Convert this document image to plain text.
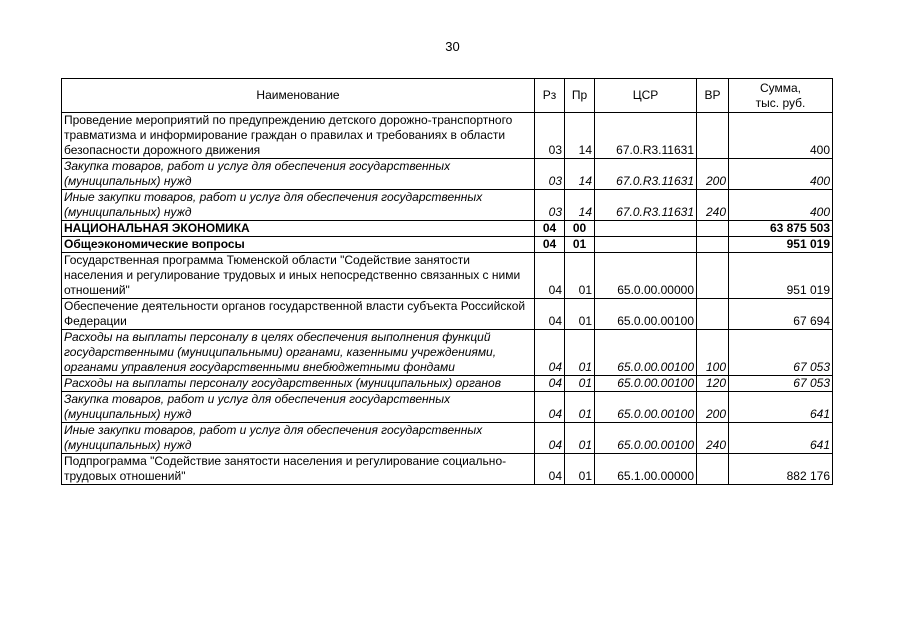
30
Наименование	Рз	Пр	ЦСР	ВР	Сумма,
тыс. руб.

Проведение мероприятий по предупреждению детского дорожно-транспортного травматизма и информирование граждан о правилах и требованиях в области безопасности дорожного движения	03	14	67.0.R3.11631		400
Закупка товаров, работ и услуг для обеспечения государственных (муниципальных) нужд	03	14	67.0.R3.11631	200	400
Иные закупки товаров, работ и услуг для обеспечения государственных (муниципальных) нужд	03	14	67.0.R3.11631	240	400
НАЦИОНАЛЬНАЯ ЭКОНОМИКА	04	00			63 875 503
Общеэкономические вопросы	04	01			951 019
Государственная программа Тюменской области "Содействие занятости населения и регулирование трудовых и иных непосредственно связанных с ними отношений"	04	01	65.0.00.00000		951 019
Обеспечение деятельности органов государственной власти субъекта Российской Федерации	04	01	65.0.00.00100		67 694
Расходы на выплаты персоналу в целях обеспечения выполнения функций государственными (муниципальными) органами, казенными учреждениями, органами управления государственными внебюджетными фондами	04	01	65.0.00.00100	100	67 053
Расходы на выплаты персоналу государственных (муниципальных) органов	04	01	65.0.00.00100	120	67 053
Закупка товаров, работ и услуг для обеспечения государственных (муниципальных) нужд	04	01	65.0.00.00100	200	641
Иные закупки товаров, работ и услуг для обеспечения государственных (муниципальных) нужд	04	01	65.0.00.00100	240	641
Подпрограмма "Содействие занятости населения и регулирование социально-трудовых отношений"	04	01	65.1.00.00000		882 176
